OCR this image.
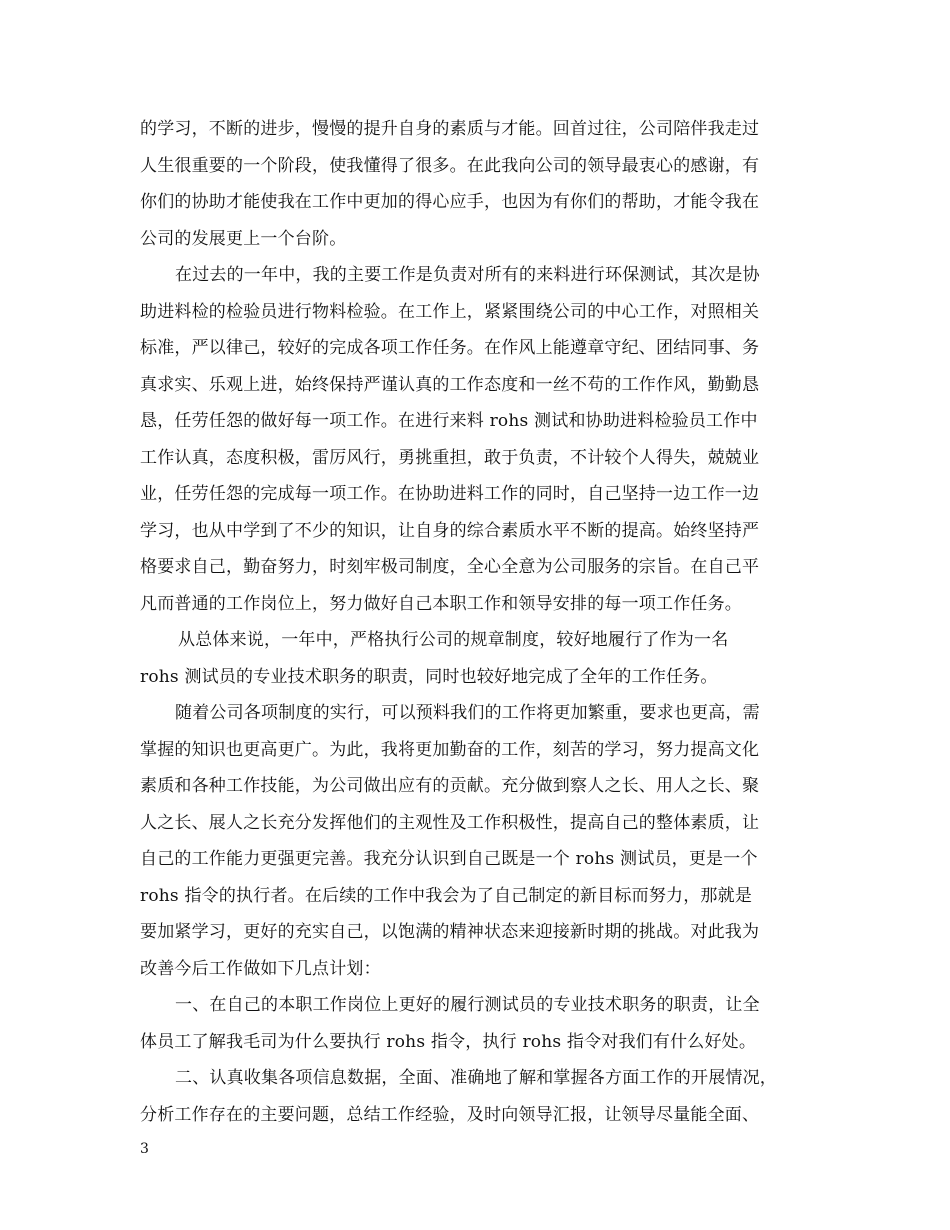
的学习，不断的进步，慢慢的提升自身的素质与才能。回首过往，公司陪伴我走过
人生很重要的一个阶段，使我懂得了很多。在此我向公司的领导最衷心的感谢，有
你们的协助才能使我在工作中更加的得心应手，也因为有你们的帮助，才能令我在
公司的发展更上一个台阶。
在过去的一年中，我的主要工作是负责对所有的来料进行环保测试，其次是协
助进料检的检验员进行物料检验。在工作上，紧紧围绕公司的中心工作，对照相关
标准，严以律己，较好的完成各项工作任务。在作风上能遵章守纪、团结同事、务
真求实、乐观上进，始终保持严谨认真的工作态度和一丝不苟的工作作风，勤勤恳
恳，任劳任怨的做好每一项工作。在进行来料 rohs 测试和协助进料检验员工作中
工作认真，态度积极，雷厉风行，勇挑重担，敢于负责，不计较个人得失，兢兢业
业，任劳任怨的完成每一项工作。在协助进料工作的同时，自己坚持一边工作一边
学习，也从中学到了不少的知识，让自身的综合素质水平不断的提高。始终坚持严
格要求自己，勤奋努力，时刻牢极司制度，全心全意为公司服务的宗旨。在自己平
凡而普通的工作岗位上，努力做好自己本职工作和领导安排的每一项工作任务。
从总体来说，一年中，严格执行公司的规章制度，较好地履行了作为一名
rohs 测试员的专业技术职务的职责，同时也较好地完成了全年的工作任务。
随着公司各项制度的实行，可以预料我们的工作将更加繁重，要求也更高，需
掌握的知识也更高更广。为此，我将更加勤奋的工作，刻苦的学习，努力提高文化
素质和各种工作技能，为公司做出应有的贡献。充分做到察人之长、用人之长、聚
人之长、展人之长充分发挥他们的主观性及工作积极性，提高自己的整体素质，让
自己的工作能力更强更完善。我充分认识到自己既是一个 rohs 测试员，更是一个
rohs 指令的执行者。在后续的工作中我会为了自己制定的新目标而努力，那就是
要加紧学习，更好的充实自己，以饱满的精神状态来迎接新时期的挑战。对此我为
改善今后工作做如下几点计划：
一、在自己的本职工作岗位上更好的履行测试员的专业技术职务的职责，让全
体员工了解我毛司为什么要执行 rohs 指令，执行 rohs 指令对我们有什么好处。
二、认真收集各项信息数据，全面、准确地了解和掌握各方面工作的开展情况，
分析工作存在的主要问题，总结工作经验，及时向领导汇报，让领导尽量能全面、
3
